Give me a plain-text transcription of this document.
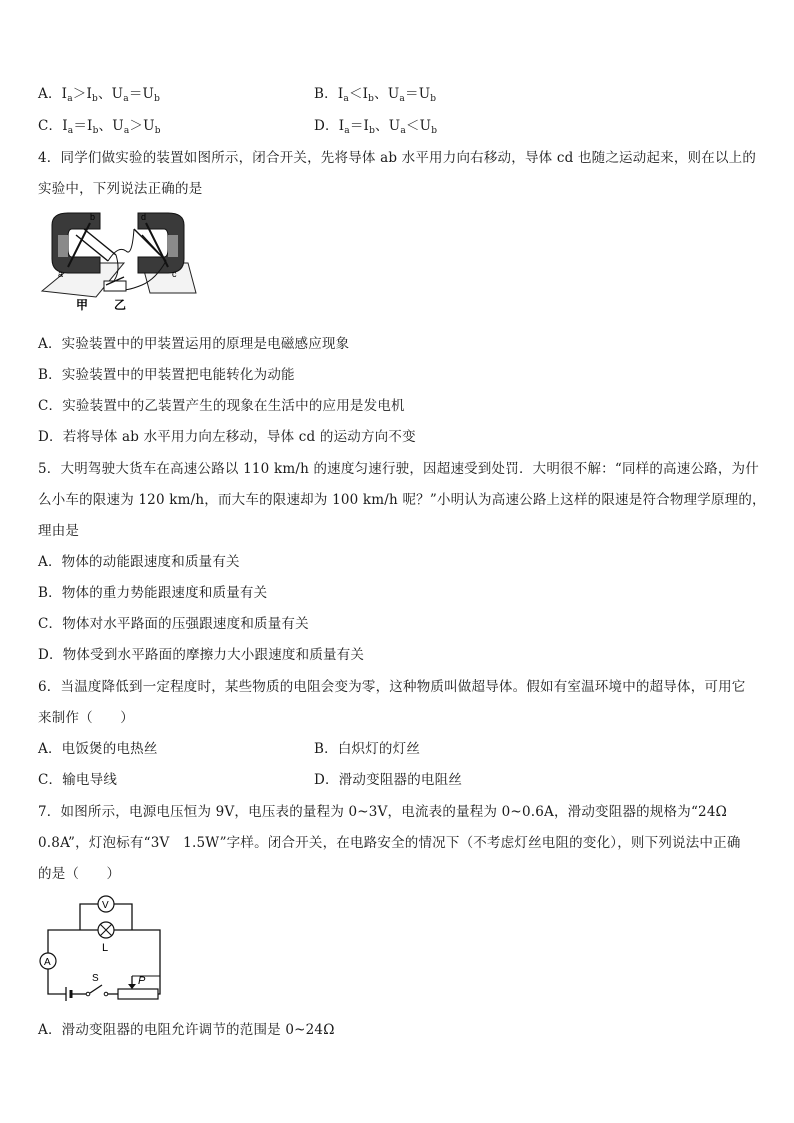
A．$I_a>I_b$、$U_a=U_b$	B．$I_a<I_b$、$U_a=U_b$
C．$I_a=I_b$、$U_a>U_b$	D．$I_a=I_b$、$U_a<U_b$
4．同学们做实验的装置如图所示，闭合开关，先将导体 ab 水平用力向右移动，导体 cd 也随之运动起来，则在以上的
实验中，下列说法正确的是
b	d
a	c
甲 乙
A．实验装置中的甲装置运用的原理是电磁感应现象
B．实验装置中的甲装置把电能转化为动能
C．实验装置中的乙装置产生的现象在生活中的应用是发电机
D．若将导体 ab 水平用力向左移动，导体 cd 的运动方向不变
5．大明驾驶大货车在高速公路以 110 km/h 的速度匀速行驶，因超速受到处罚．大明很不解：“同样的高速公路，为什
么小车的限速为 120 km/h，而大车的限速却为 100 km/h 呢？”小明认为高速公路上这样的限速是符合物理学原理的，
理由是
A．物体的动能跟速度和质量有关
B．物体的重力势能跟速度和质量有关
C．物体对水平路面的压强跟速度和质量有关
D．物体受到水平路面的摩擦力大小跟速度和质量有关
6．当温度降低到一定程度时，某些物质的电阻会变为零，这种物质叫做超导体。假如有室温环境中的超导体，可用它
来制作（　　）
A．电饭煲的电热丝	B．白炽灯的灯丝
C．输电导线	D．滑动变阻器的电阻丝
7．如图所示，电源电压恒为 9V，电压表的量程为 0~3V，电流表的量程为 0~0.6A，滑动变阻器的规格为“24Ω
0.8A”，灯泡标有“3V　1.5W”字样。闭合开关，在电路安全的情况下（不考虑灯丝电阻的变化），则下列说法中正确
的是（　　）
A
V
L
S	P
A．滑动变阻器的电阻允许调节的范围是 0~24Ω
